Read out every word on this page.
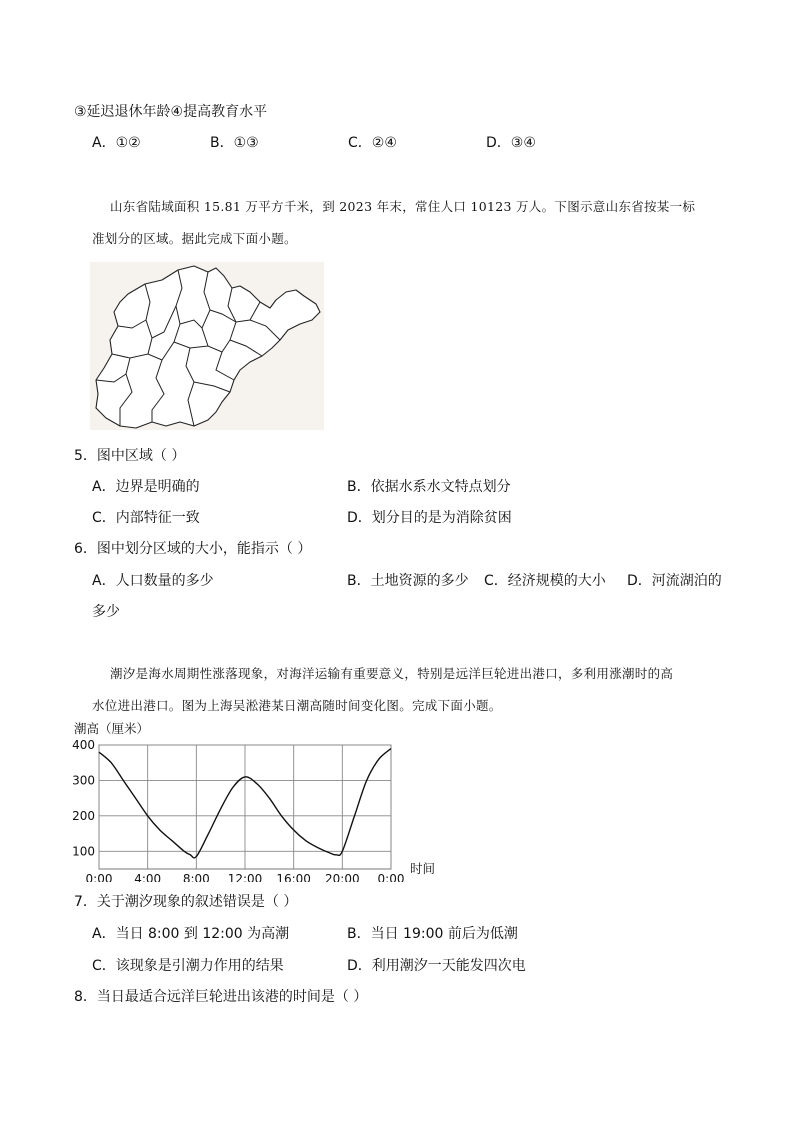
③延迟退休年龄④提高教育水平
A．①②	B．①③	C．②④	D．③④
山东省陆域面积 15.81 万平方千米，到 2023 年末，常住人口 10123 万人。下图示意山东省按某一标
准划分的区域。据此完成下面小题。
5．图中区域（ ）
A．边界是明确的	B．依据水系水文特点划分
C．内部特征一致	D．划分目的是为消除贫困
6．图中划分区域的大小，能指示（ ）
A．人口数量的多少	B．土地资源的多少 C．经济规模的大小 D．河流湖泊的
多少
潮汐是海水周期性涨落现象，对海洋运输有重要意义，特别是远洋巨轮进出港口，多利用涨潮时的高
水位进出港口。图为上海吴淞港某日潮高随时间变化图。完成下面小题。
潮高（厘米）
时间
100
200
300
400
0:00 4:00 8:00 12:00 16:00 20:00 0:00
7．关于潮汐现象的叙述错误是（ ）
A．当日 8:00 到 12:00 为高潮	B．当日 19:00 前后为低潮
C．该现象是引潮力作用的结果	D．利用潮汐一天能发四次电
8．当日最适合远洋巨轮进出该港的时间是（ ）
